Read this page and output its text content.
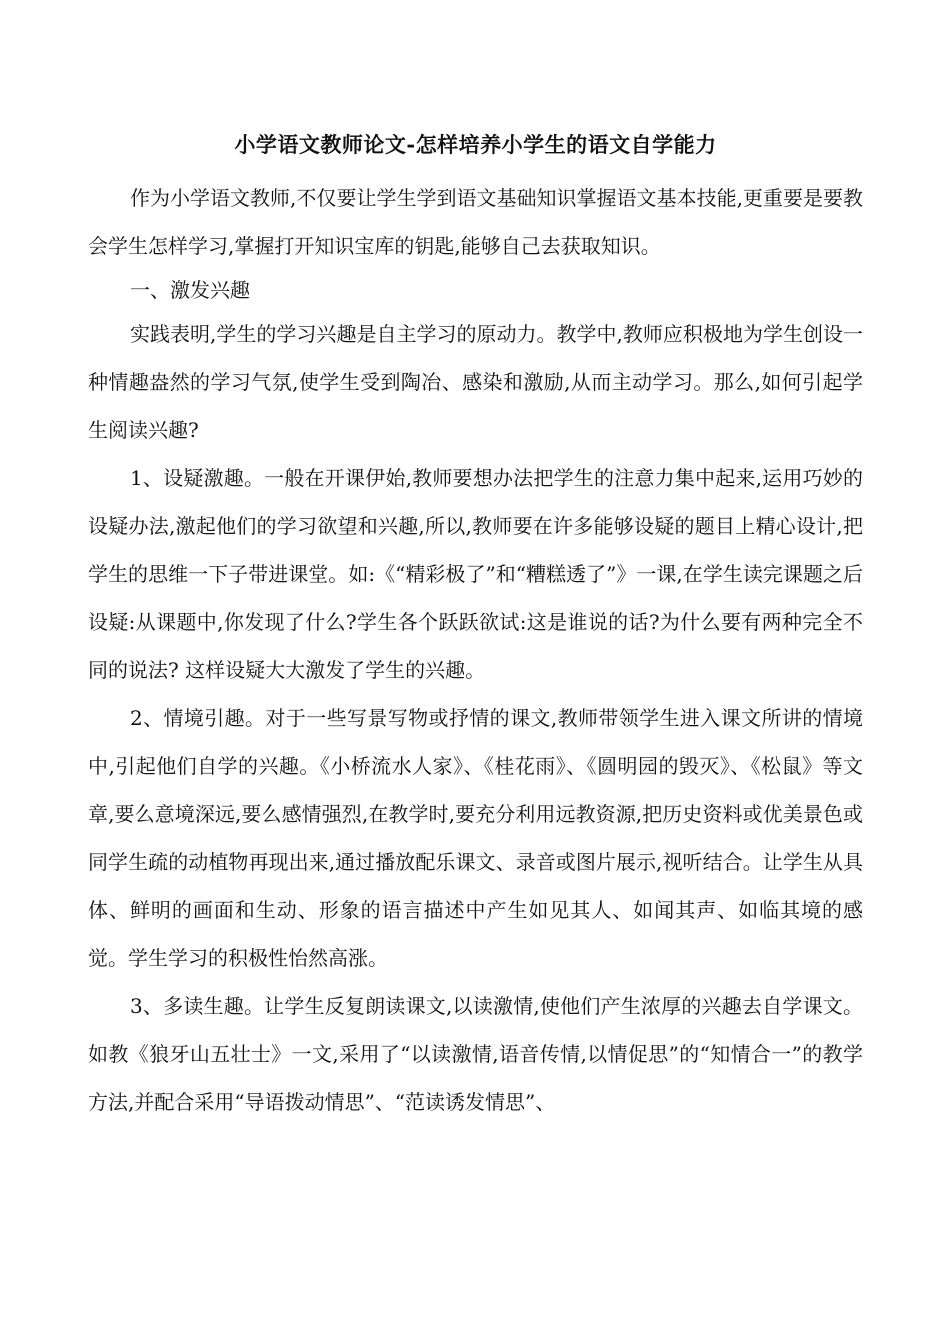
小学语文教师论文-怎样培养小学生的语文自学能力

作为小学语文教师,不仅要让学生学到语文基础知识掌握语文基本技能,更重要是要教会学生怎样学习,掌握打开知识宝库的钥匙,能够自己去获取知识。

一、激发兴趣

实践表明,学生的学习兴趣是自主学习的原动力。教学中,教师应积极地为学生创设一种情趣盎然的学习气氛,使学生受到陶冶、感染和激励,从而主动学习。那么,如何引起学生阅读兴趣?

1、设疑激趣。一般在开课伊始,教师要想办法把学生的注意力集中起来,运用巧妙的设疑办法,激起他们的学习欲望和兴趣,所以,教师要在许多能够设疑的题目上精心设计,把学生的思维一下子带进课堂。如:《“精彩极了”和“糟糕透了”》一课,在学生读完课题之后设疑:从课题中,你发现了什么?学生各个跃跃欲试:这是谁说的话?为什么要有两种完全不同的说法? 这样设疑大大激发了学生的兴趣。

2、情境引趣。对于一些写景写物或抒情的课文,教师带领学生进入课文所讲的情境中,引起他们自学的兴趣。《小桥流水人家》、《桂花雨》、《圆明园的毁灭》、《松鼠》等文章,要么意境深远,要么感情强烈,在教学时,要充分利用远教资源,把历史资料或优美景色或同学生疏的动植物再现出来,通过播放配乐课文、录音或图片展示,视听结合。让学生从具体、鲜明的画面和生动、形象的语言描述中产生如见其人、如闻其声、如临其境的感觉。学生学习的积极性怡然高涨。

3、多读生趣。让学生反复朗读课文,以读激情,使他们产生浓厚的兴趣去自学课文。如教《狼牙山五壮士》一文,采用了“以读激情,语音传情,以情促思”的“知情合一”的教学方法,并配合采用“导语拨动情思”、“范读诱发情思”、
